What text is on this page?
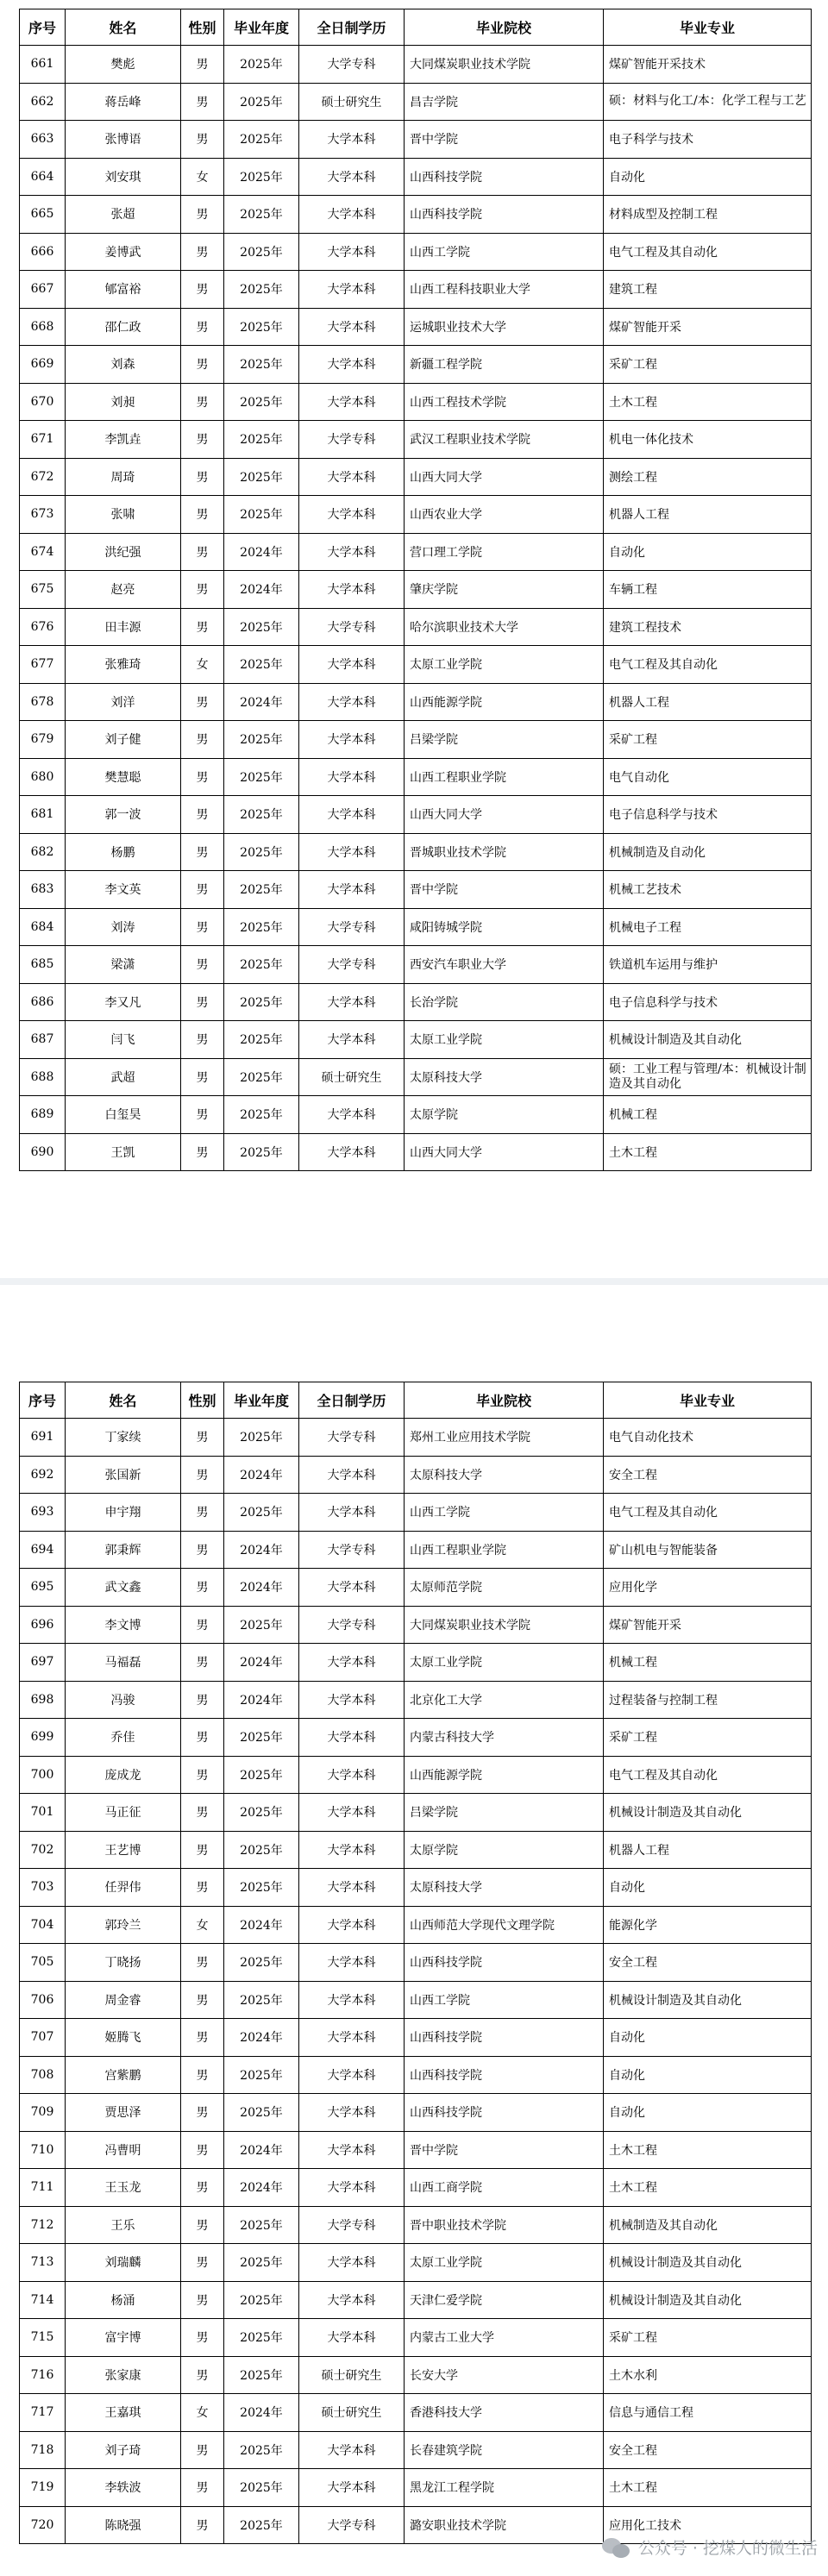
序号	姓名	性别	毕业年度	全日制学历	毕业院校	毕业专业
661	樊彪	男	2025年	大学专科	大同煤炭职业技术学院	煤矿智能开采技术
662	蒋岳峰	男	2025年	硕士研究生	昌吉学院	硕：材料与化工/本：化学工程与工艺
663	张博语	男	2025年	大学本科	晋中学院	电子科学与技术
664	刘安琪	女	2025年	大学本科	山西科技学院	自动化
665	张超	男	2025年	大学本科	山西科技学院	材料成型及控制工程
666	姜博武	男	2025年	大学本科	山西工学院	电气工程及其自动化
667	郇富裕	男	2025年	大学本科	山西工程科技职业大学	建筑工程
668	邵仁政	男	2025年	大学本科	运城职业技术大学	煤矿智能开采
669	刘森	男	2025年	大学本科	新疆工程学院	采矿工程
670	刘昶	男	2025年	大学本科	山西工程技术学院	土木工程
671	李凯垚	男	2025年	大学专科	武汉工程职业技术学院	机电一体化技术
672	周琦	男	2025年	大学本科	山西大同大学	测绘工程
673	张啸	男	2025年	大学本科	山西农业大学	机器人工程
674	洪纪强	男	2024年	大学本科	营口理工学院	自动化
675	赵亮	男	2024年	大学本科	肇庆学院	车辆工程
676	田丰源	男	2025年	大学专科	哈尔滨职业技术大学	建筑工程技术
677	张雅琦	女	2025年	大学本科	太原工业学院	电气工程及其自动化
678	刘洋	男	2024年	大学本科	山西能源学院	机器人工程
679	刘子健	男	2025年	大学本科	吕梁学院	采矿工程
680	樊慧聪	男	2025年	大学本科	山西工程职业学院	电气自动化
681	郭一波	男	2025年	大学本科	山西大同大学	电子信息科学与技术
682	杨鹏	男	2025年	大学本科	晋城职业技术学院	机械制造及自动化
683	李文英	男	2025年	大学本科	晋中学院	机械工艺技术
684	刘涛	男	2025年	大学专科	咸阳铸城学院	机械电子工程
685	梁潇	男	2025年	大学专科	西安汽车职业大学	铁道机车运用与维护
686	李又凡	男	2025年	大学本科	长治学院	电子信息科学与技术
687	闫飞	男	2025年	大学本科	太原工业学院	机械设计制造及其自动化
688	武超	男	2025年	硕士研究生	太原科技大学	硕：工业工程与管理/本：机械设计制造及其自动化
689	白玺昊	男	2025年	大学本科	太原学院	机械工程
690	王凯	男	2025年	大学本科	山西大同大学	土木工程
序号	姓名	性别	毕业年度	全日制学历	毕业院校	毕业专业
691	丁家续	男	2025年	大学专科	郑州工业应用技术学院	电气自动化技术
692	张国新	男	2024年	大学本科	太原科技大学	安全工程
693	申宇翔	男	2025年	大学本科	山西工学院	电气工程及其自动化
694	郭秉辉	男	2024年	大学专科	山西工程职业学院	矿山机电与智能装备
695	武文鑫	男	2024年	大学本科	太原师范学院	应用化学
696	李文博	男	2025年	大学专科	大同煤炭职业技术学院	煤矿智能开采
697	马福磊	男	2024年	大学本科	太原工业学院	机械工程
698	冯骏	男	2024年	大学本科	北京化工大学	过程装备与控制工程
699	乔佳	男	2025年	大学本科	内蒙古科技大学	采矿工程
700	庞成龙	男	2025年	大学本科	山西能源学院	电气工程及其自动化
701	马正征	男	2025年	大学本科	吕梁学院	机械设计制造及其自动化
702	王艺博	男	2025年	大学本科	太原学院	机器人工程
703	任羿伟	男	2025年	大学本科	太原科技大学	自动化
704	郭玲兰	女	2024年	大学本科	山西师范大学现代文理学院	能源化学
705	丁晓扬	男	2025年	大学本科	山西科技学院	安全工程
706	周金睿	男	2025年	大学本科	山西工学院	机械设计制造及其自动化
707	姬腾飞	男	2024年	大学本科	山西科技学院	自动化
708	宫紫鹏	男	2025年	大学本科	山西科技学院	自动化
709	贾思泽	男	2025年	大学本科	山西科技学院	自动化
710	冯曹明	男	2024年	大学本科	晋中学院	土木工程
711	王玉龙	男	2024年	大学本科	山西工商学院	土木工程
712	王乐	男	2025年	大学专科	晋中职业技术学院	机械制造及其自动化
713	刘瑞麟	男	2025年	大学本科	太原工业学院	机械设计制造及其自动化
714	杨涌	男	2025年	大学本科	天津仁爱学院	机械设计制造及其自动化
715	富宇博	男	2025年	大学本科	内蒙古工业大学	采矿工程
716	张家康	男	2025年	硕士研究生	长安大学	土木水利
717	王嘉琪	女	2024年	硕士研究生	香港科技大学	信息与通信工程
718	刘子琦	男	2025年	大学本科	长春建筑学院	安全工程
719	李轶波	男	2025年	大学本科	黑龙江工程学院	土木工程
720	陈晓强	男	2025年	大学专科	潞安职业技术学院	应用化工技术
公众号 · 挖煤人的微生活
